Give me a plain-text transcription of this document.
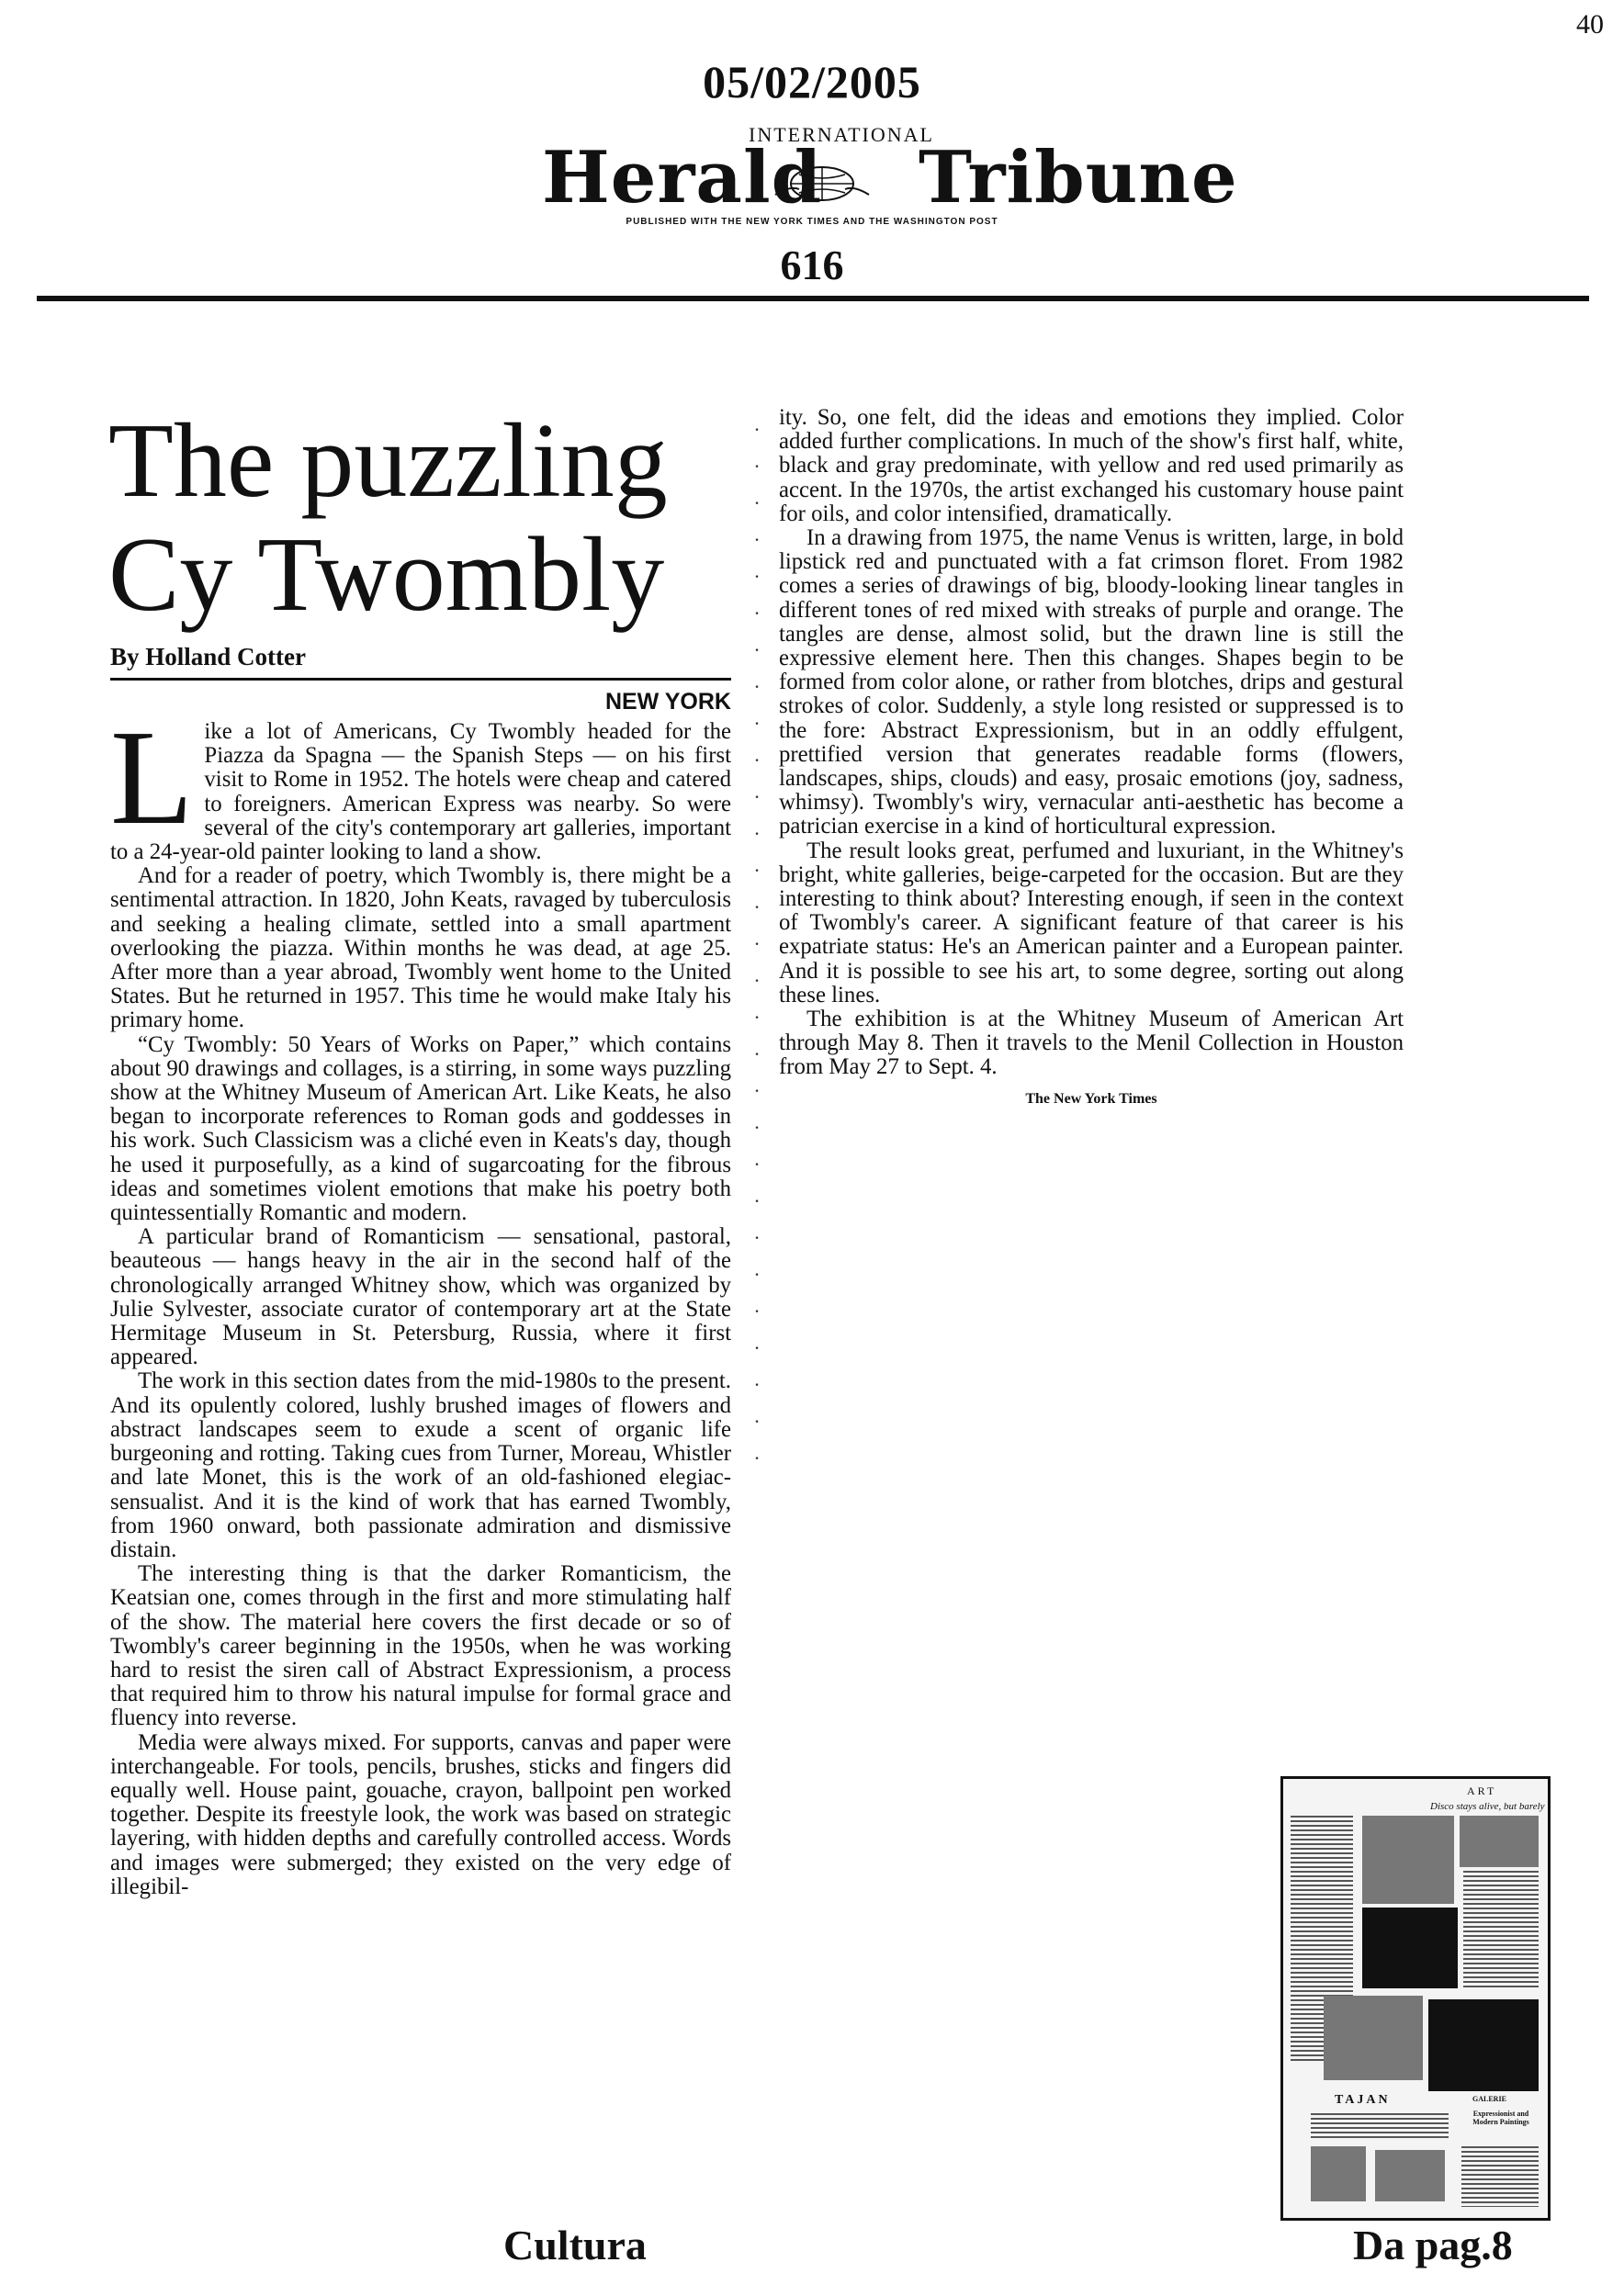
40
05/02/2005
Herald
INTERNATIONAL
Tribune
PUBLISHED WITH THE NEW YORK TIMES AND THE WASHINGTON POST
616
The puzzling
Cy Twombly
By Holland Cotter
NEW YORK

Like a lot of Americans, Cy Twombly headed for the Piazza da Spagna — the Spanish Steps — on his first visit to Rome in 1952. The hotels were cheap and catered to foreigners. American Express was nearby. So were several of the city's contemporary art galleries, important to a 24-year-old painter looking to land a show.

And for a reader of poetry, which Twombly is, there might be a sentimental attraction. In 1820, John Keats, ravaged by tuberculosis and seeking a healing climate, settled into a small apartment overlooking the piazza. Within months he was dead, at age 25. After more than a year abroad, Twombly went home to the United States. But he returned in 1957. This time he would make Italy his primary home.

“Cy Twombly: 50 Years of Works on Paper,” which contains about 90 drawings and collages, is a stirring, in some ways puzzling show at the Whitney Museum of American Art. Like Keats, he also began to incorporate references to Roman gods and goddesses in his work. Such Classicism was a cliché even in Keats's day, though he used it purposefully, as a kind of sugarcoating for the fibrous ideas and sometimes violent emotions that make his poetry both quintessentially Romantic and modern.

A particular brand of Romanticism — sensational, pastoral, beauteous — hangs heavy in the air in the second half of the chronologically arranged Whitney show, which was organized by Julie Sylvester, associate curator of contemporary art at the State Hermitage Museum in St. Petersburg, Russia, where it first appeared.

The work in this section dates from the mid-1980s to the present. And its opulently colored, lushly brushed images of flowers and abstract landscapes seem to exude a scent of organic life burgeoning and rotting. Taking cues from Turner, Moreau, Whistler and late Monet, this is the work of an old-fashioned elegiac-sensualist. And it is the kind of work that has earned Twombly, from 1960 onward, both passionate admiration and dismissive distain.

The interesting thing is that the darker Romanticism, the Keatsian one, comes through in the first and more stimulating half of the show. The material here covers the first decade or so of Twombly's career beginning in the 1950s, when he was working hard to resist the siren call of Abstract Expressionism, a process that required him to throw his natural impulse for formal grace and fluency into reverse.

Media were always mixed. For supports, canvas and paper were interchangeable. For tools, pencils, brushes, sticks and fingers did equally well. House paint, gouache, crayon, ballpoint pen worked together. Despite its freestyle look, the work was based on strategic layering, with hidden depths and carefully controlled access. Words and images were submerged; they existed on the very edge of illegibil-

·
·
·
·
·
·
·
·
·
·
·
·
·
·
·
·
·
·
·
·
·
·
·
·
·
·
·
·
·

ity. So, one felt, did the ideas and emotions they implied. Color added further complications. In much of the show's first half, white, black and gray predominate, with yellow and red used primarily as accent. In the 1970s, the artist exchanged his customary house paint for oils, and color intensified, dramatically.

In a drawing from 1975, the name Venus is written, large, in bold lipstick red and punctuated with a fat crimson floret. From 1982 comes a series of drawings of big, bloody-looking linear tangles in different tones of red mixed with streaks of purple and orange. The tangles are dense, almost solid, but the drawn line is still the expressive element here. Then this changes. Shapes begin to be formed from color alone, or rather from blotches, drips and gestural strokes of color. Suddenly, a style long resisted or suppressed is to the fore: Abstract Expressionism, but in an oddly effulgent, prettified version that generates readable forms (flowers, landscapes, ships, clouds) and easy, prosaic emotions (joy, sadness, whimsy). Twombly's wiry, vernacular anti-aesthetic has become a patrician exercise in a kind of horticultural expression.

The result looks great, perfumed and luxuriant, in the Whitney's bright, white galleries, beige-carpeted for the occasion. But are they interesting to think about? Interesting enough, if seen in the context of Twombly's career. A significant feature of that career is his expatriate status: He's an American painter and a European painter. And it is possible to see his art, to some degree, sorting out along these lines.

The exhibition is at the Whitney Museum of American Art through May 8. Then it travels to the Menil Collection in Houston from May 27 to Sept. 4.

The New York Times
ART
Disco stays alive, but barely
TAJAN	GALERIE
Expressionist and Modern Paintings
Cultura	Da pag.8
